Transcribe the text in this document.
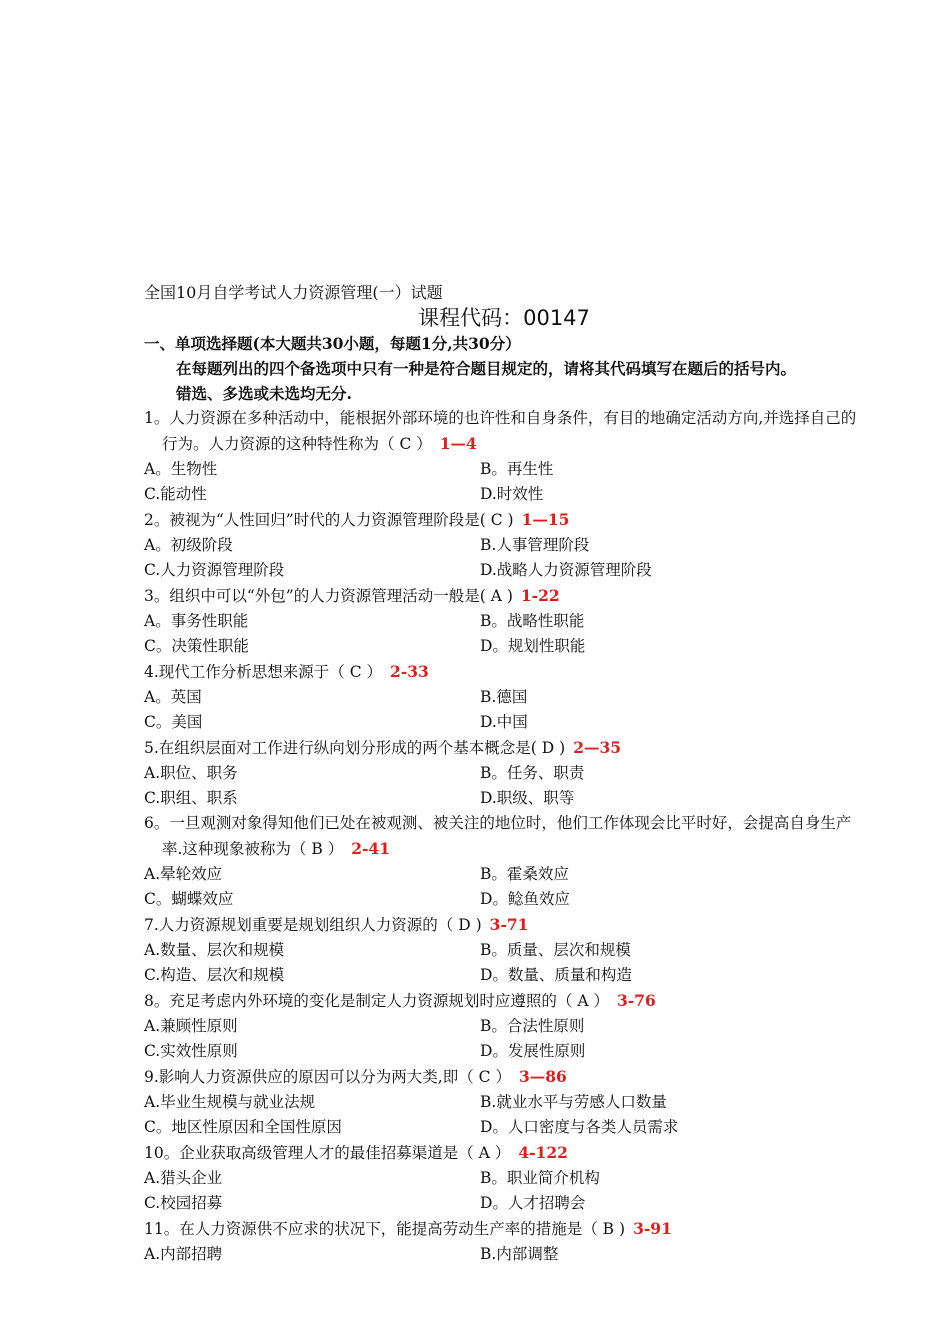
全国10月自学考试人力资源管理(一）试题

课程代码：00147

一、单项选择题(本大题共30小题，每题1分,共30分）

在每题列出的四个备选项中只有一种是符合题目规定的，请将其代码填写在题后的括号内。

错选、多选或未选均无分.

1。人力资源在多种活动中，能根据外部环境的也许性和自身条件，有目的地确定活动方向,并选择自己的行为。人力资源的这种特性称为（ C ） 1—4

A。生物性	B。再生性
C.能动性	D.时效性

2。被视为“人性回归”时代的人力资源管理阶段是( C ) 1—15

A。初级阶段	B.人事管理阶段
C.人力资源管理阶段	D.战略人力资源管理阶段

3。组织中可以“外包”的人力资源管理活动一般是( A ) 1-22

A。事务性职能	B。战略性职能
C。决策性职能	D。规划性职能

4.现代工作分析思想来源于（ C ） 2-33

A。英国	B.德国
C。美国	D.中国

5.在组织层面对工作进行纵向划分形成的两个基本概念是( D ) 2—35

A.职位、职务	B。任务、职责
C.职组、职系	D.职级、职等

6。一旦观测对象得知他们已处在被观测、被关注的地位时，他们工作体现会比平时好，会提高自身生产率.这种现象被称为（ B ） 2-41

A.晕轮效应	B。霍桑效应
C。蝴蝶效应	D。鲶鱼效应

7.人力资源规划重要是规划组织人力资源的（ D ) 3-71

A.数量、层次和规模	B。质量、层次和规模
C.构造、层次和规模	D。数量、质量和构造

8。充足考虑内外环境的变化是制定人力资源规划时应遵照的（ A ） 3-76

A.兼顾性原则	B。合法性原则
C.实效性原则	D。发展性原则

9.影响人力资源供应的原因可以分为两大类,即（ C ） 3—86

A.毕业生规模与就业法规	B.就业水平与劳感人口数量
C。地区性原因和全国性原因	D。人口密度与各类人员需求

10。企业获取高级管理人才的最佳招募渠道是（ A ） 4-122

A.猎头企业	B。职业简介机构
C.校园招募	D。人才招聘会

11。在人力资源供不应求的状况下，能提高劳动生产率的措施是（ B ) 3-91

A.内部招聘	B.内部调整
